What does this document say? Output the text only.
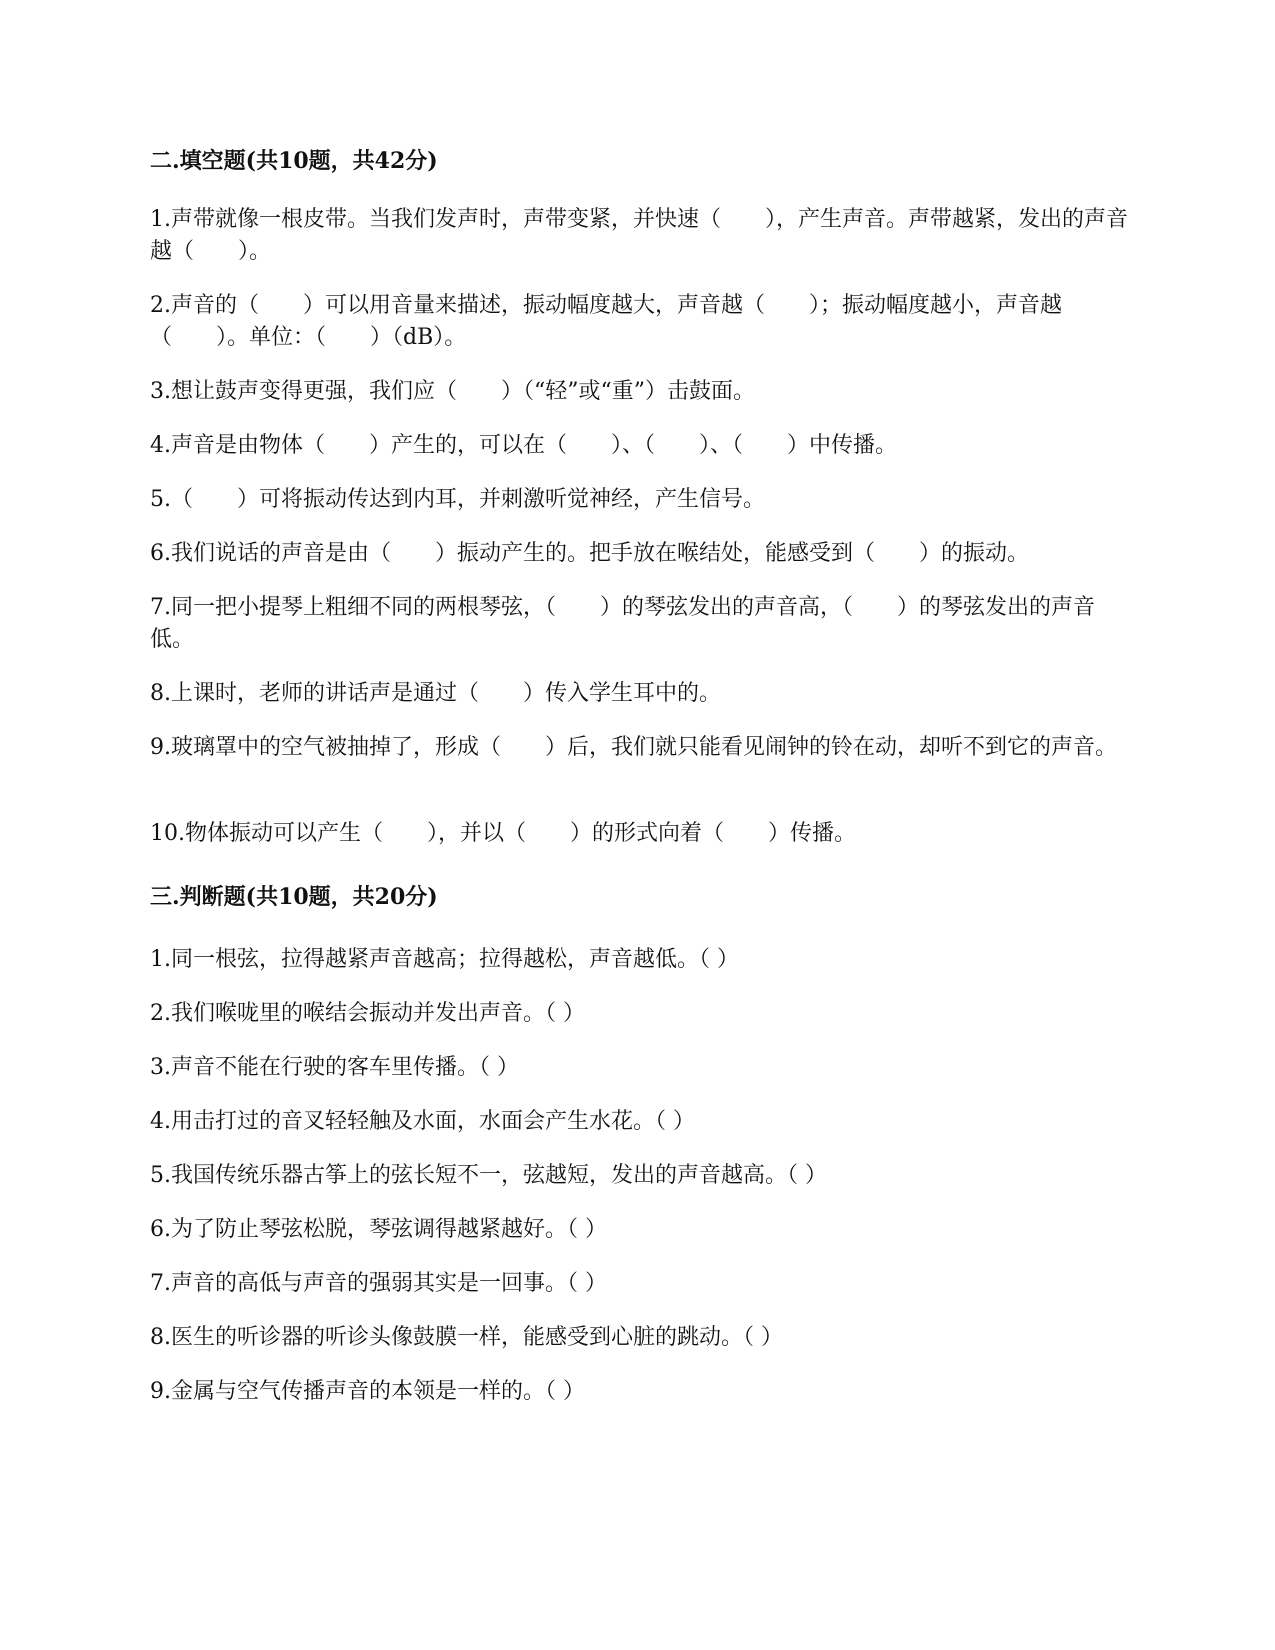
二.填空题(共10题，共42分)
1.声带就像一根皮带。当我们发声时，声带变紧，并快速（　　），产生声音。声带越紧，发出的声音越（　　）。
2.声音的（　　）可以用音量来描述，振动幅度越大，声音越（　　）；振动幅度越小，声音越（　　）。单位：（　　）（dB）。
3.想让鼓声变得更强，我们应（　　）（“轻”或“重”）击鼓面。
4.声音是由物体（　　）产生的，可以在（　　）、（　　）、（　　）中传播。
5.（　　）可将振动传达到内耳，并刺激听觉神经，产生信号。
6.我们说话的声音是由（　　）振动产生的。把手放在喉结处，能感受到（　　）的振动。
7.同一把小提琴上粗细不同的两根琴弦，（　　）的琴弦发出的声音高，（　　）的琴弦发出的声音低。
8.上课时，老师的讲话声是通过（　　）传入学生耳中的。
9.玻璃罩中的空气被抽掉了，形成（　　）后，我们就只能看见闹钟的铃在动，却听不到它的声音。
10.物体振动可以产生（　　），并以（　　）的形式向着（　　）传播。
三.判断题(共10题，共20分)
1.同一根弦，拉得越紧声音越高；拉得越松，声音越低。（ ）
2.我们喉咙里的喉结会振动并发出声音。（ ）
3.声音不能在行驶的客车里传播。（ ）
4.用击打过的音叉轻轻触及水面，水面会产生水花。（ ）
5.我国传统乐器古筝上的弦长短不一，弦越短，发出的声音越高。（ ）
6.为了防止琴弦松脱，琴弦调得越紧越好。（ ）
7.声音的高低与声音的强弱其实是一回事。（ ）
8.医生的听诊器的听诊头像鼓膜一样，能感受到心脏的跳动。（ ）
9.金属与空气传播声音的本领是一样的。（ ）
